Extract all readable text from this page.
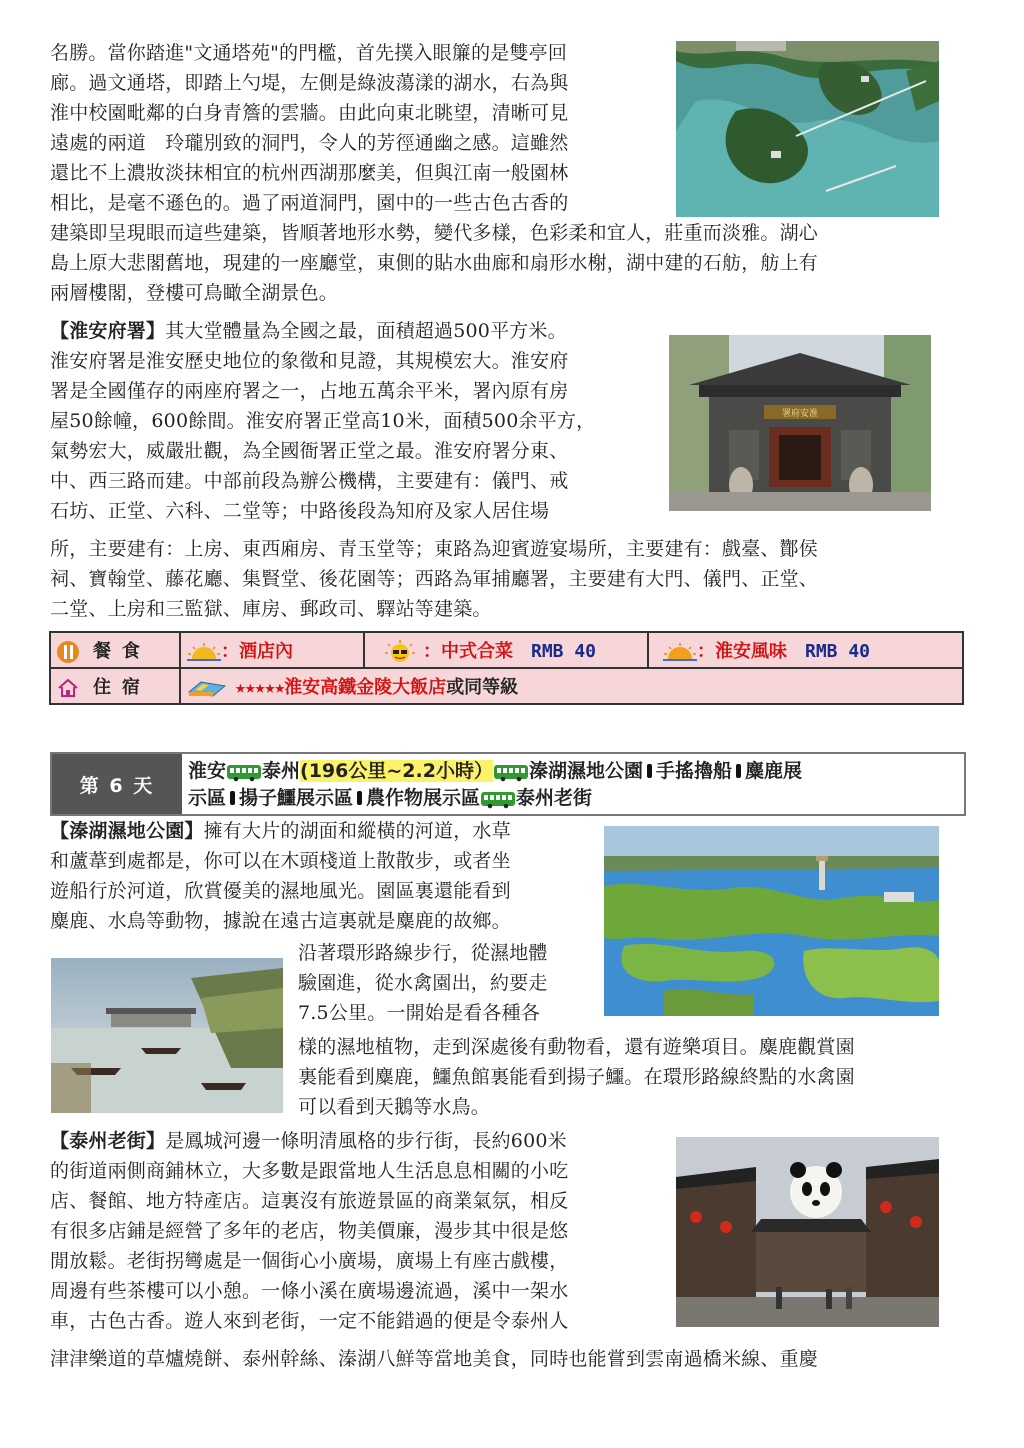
名勝。當你踏進"文通塔苑"的門檻，首先撲入眼簾的是雙亭回
廊。過文通塔，即踏上勺堤，左側是綠波蕩漾的湖水，右為與
淮中校園毗鄰的白身青簷的雲牆。由此向東北眺望，清晰可見
遠處的兩道　玲瓏別致的洞門，令人的芳徑通幽之感。這雖然
還比不上濃妝淡抹相宜的杭州西湖那麼美，但與江南一般園林
相比，是毫不遜色的。過了兩道洞門，園中的一些古色古香的
建築即呈現眼而這些建築，皆順著地形水勢，變代多樣，色彩柔和宜人，莊重而淡雅。湖心
島上原大悲閣舊地，現建的一座廳堂，東側的貼水曲廊和扇形水榭，湖中建的石舫，舫上有
兩層樓閣，登樓可鳥瞰全湖景色。
【淮安府署】其大堂體量為全國之最，面積超過500平方米。
淮安府署是淮安歷史地位的象徵和見證，其規模宏大。淮安府
署是全國僅存的兩座府署之一，占地五萬余平米，署內原有房
屋50餘幢，600餘間。淮安府署正堂高10米，面積500余平方，
氣勢宏大，威嚴壯觀，為全國衙署正堂之最。淮安府署分東、
中、西三路而建。中部前段為辦公機構，主要建有：儀門、戒
石坊、正堂、六科、二堂等；中路後段為知府及家人居住場
所，主要建有：上房、東西廂房、青玉堂等；東路為迎賓遊宴場所，主要建有：戲臺、酇侯
祠、寶翰堂、藤花廳、集賢堂、後花園等；西路為軍捕廳署，主要建有大門、儀門、正堂、
二堂、上房和三監獄、庫房、郵政司、驛站等建築。
署府安淮
餐 食	：酒店內	：中式合菜　 RMB 40	：淮安風味　 RMB 40
住 宿	★★★★★淮安高鐵金陵大飯店或同等級		
第 6 天
淮安 泰州(196公里~2.2小時） 溱湖濕地公園 手搖擼船 麋鹿展
示區 揚子鱷展示區 農作物展示區 泰州老街
【溱湖濕地公園】擁有大片的湖面和縱橫的河道，水草
和蘆葦到處都是，你可以在木頭棧道上散散步，或者坐
遊船行於河道，欣賞優美的濕地風光。園區裏還能看到
麋鹿、水鳥等動物，據說在遠古這裏就是麋鹿的故鄉。
沿著環形路線步行，從濕地體
驗園進，從水禽園出，約要走
7.5公里。一開始是看各種各
樣的濕地植物，走到深處後有動物看，還有遊樂項目。麋鹿觀賞園
裏能看到麋鹿，鱷魚館裏能看到揚子鱷。在環形路線終點的水禽園
可以看到天鵝等水鳥。
【泰州老街】是鳳城河邊一條明清風格的步行街，長約600米
的街道兩側商鋪林立，大多數是跟當地人生活息息相關的小吃
店、餐館、地方特產店。這裏沒有旅遊景區的商業氣氛，相反
有很多店鋪是經營了多年的老店，物美價廉，漫步其中很是悠
閒放鬆。老街拐彎處是一個街心小廣場，廣場上有座古戲樓，
周邊有些茶樓可以小憩。一條小溪在廣場邊流過，溪中一架水
車，古色古香。遊人來到老街，一定不能錯過的便是令泰州人
津津樂道的草爐燒餅、泰州幹絲、溱湖八鮮等當地美食，同時也能嘗到雲南過橋米線、重慶
